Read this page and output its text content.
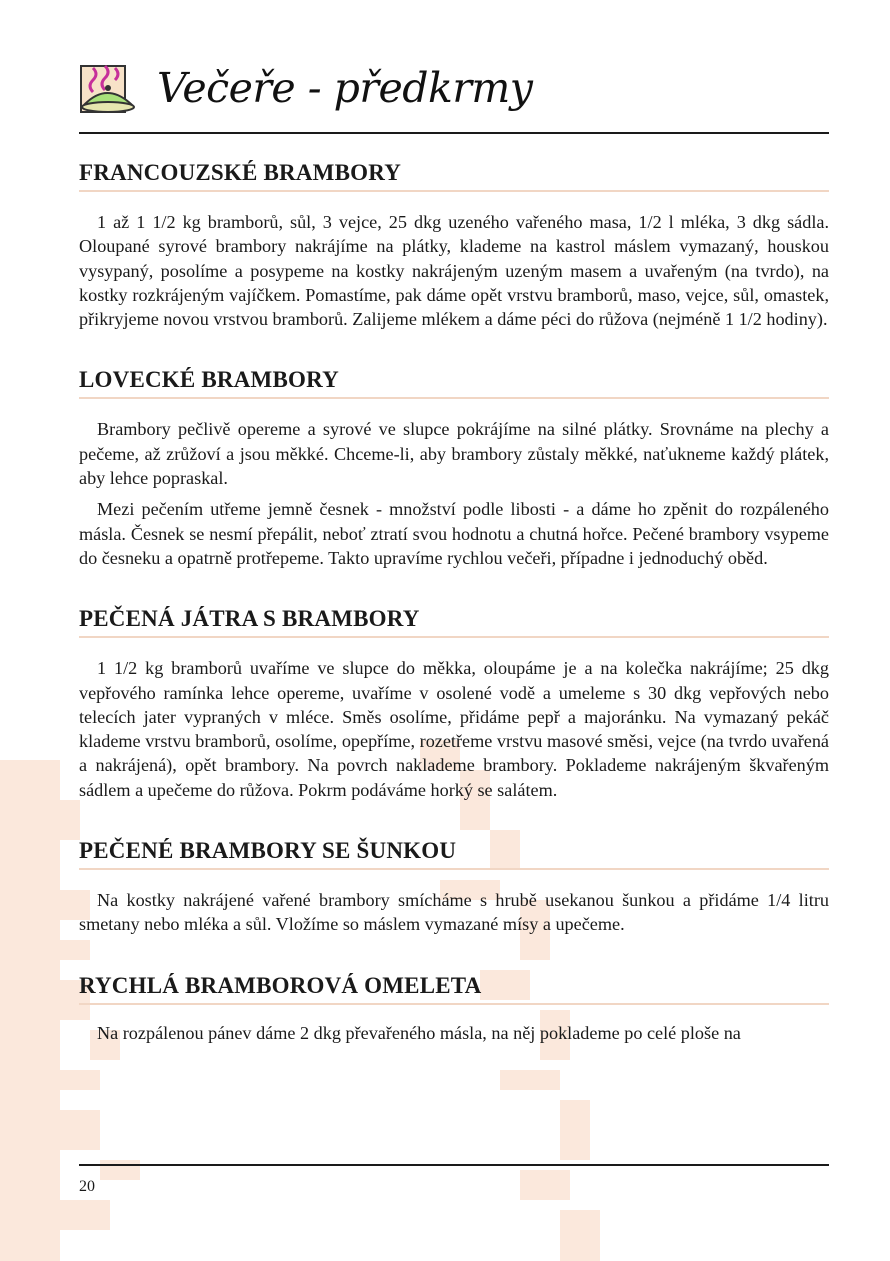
Večeře - předkrmy
FRANCOUZSKÉ BRAMBORY

1 až 1 1/2 kg bramborů, sůl, 3 vejce, 25 dkg uzeného vařeného masa, 1/2 l mléka, 3 dkg sádla. Oloupané syrové brambory nakrájíme na plátky, klademe na kastrol máslem vymazaný, houskou vysypaný, posolíme a posypeme na kostky nakrájeným uzeným masem a uvařeným (na tvrdo), na kostky rozkrájeným vajíčkem. Pomastíme, pak dáme opět vrstvu bramborů, maso, vejce, sůl, omastek, přikryjeme novou vrstvou bramborů. Zalijeme mlékem a dáme péci do růžova (nejméně 1 1/2 hodiny).

LOVECKÉ BRAMBORY

Brambory pečlivě opereme a syrové ve slupce pokrájíme na silné plátky. Srovnáme na plechy a pečeme, až zrůžoví a jsou měkké. Chceme-li, aby brambory zůstaly měkké, naťukneme každý plátek, aby lehce popraskal.

Mezi pečením utřeme jemně česnek - množství podle libosti - a dáme ho zpěnit do rozpáleného másla. Česnek se nesmí přepálit, neboť ztratí svou hodnotu a chutná hořce. Pečené brambory vsypeme do česneku a opatrně protřepeme. Takto upravíme rychlou večeři, případne i jednoduchý oběd.

PEČENÁ JÁTRA S BRAMBORY

1 1/2 kg bramborů uvaříme ve slupce do měkka, oloupáme je a na kolečka nakrájíme; 25 dkg vepřového ramínka lehce opereme, uvaříme v osolené vodě a umeleme s 30 dkg vepřových nebo telecích jater vypraných v mléce. Směs osolíme, přidáme pepř a majoránku. Na vymazaný pekáč klademe vrstvu bramborů, osolíme, opepříme, rozetřeme vrstvu masové směsi, vejce (na tvrdo uvařená a nakrájená), opět brambory. Na povrch naklademe brambory. Poklademe nakrájeným škvařeným sádlem a upečeme do růžova. Pokrm podáváme horký se salátem.

PEČENÉ BRAMBORY SE ŠUNKOU

Na kostky nakrájené vařené brambory smícháme s hrubě usekanou šunkou a přidáme 1/4 litru smetany nebo mléka a sůl. Vložíme so máslem vymazané mísy a upečeme.

RYCHLÁ BRAMBOROVÁ OMELETA

Na rozpálenou pánev dáme 2 dkg převařeného másla, na něj poklademe po celé ploše na

20
